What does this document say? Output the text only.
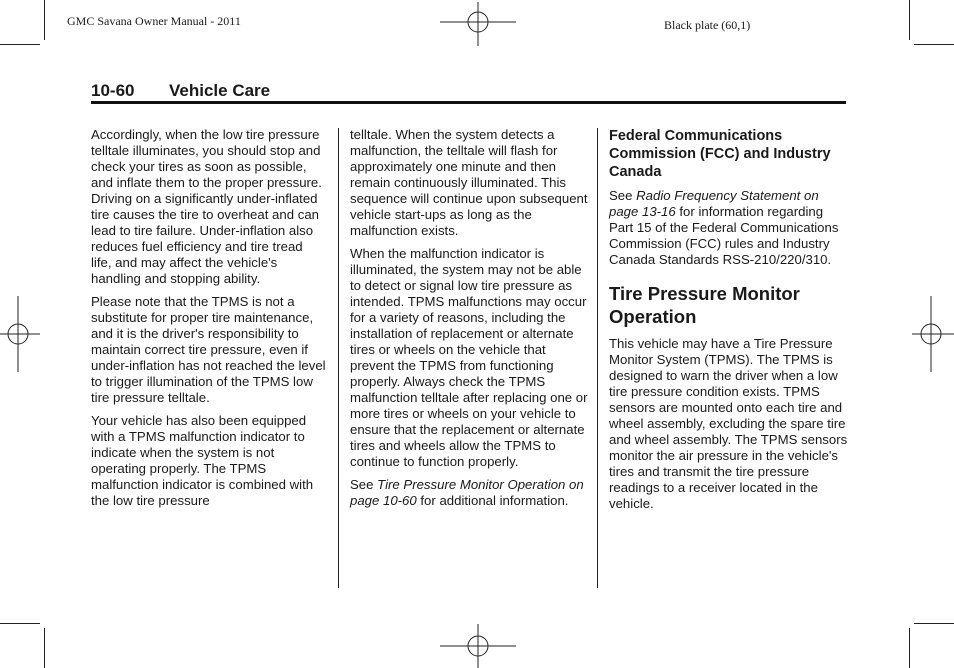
GMC Savana Owner Manual - 2011	Black plate (60,1)
10-60 Vehicle Care

Accordingly, when the low tire pressure telltale illuminates, you should stop and check your tires as soon as possible, and inflate them to the proper pressure. Driving on a significantly under-inflated tire causes the tire to overheat and can lead to tire failure. Under-inflation also reduces fuel efficiency and tire tread life, and may affect the vehicle's handling and stopping ability.

Please note that the TPMS is not a substitute for proper tire maintenance, and it is the driver's responsibility to maintain correct tire pressure, even if under-inflation has not reached the level to trigger illumination of the TPMS low tire pressure telltale.

Your vehicle has also been equipped with a TPMS malfunction indicator to indicate when the system is not operating properly. The TPMS malfunction indicator is combined with the low tire pressure

telltale. When the system detects a malfunction, the telltale will flash for approximately one minute and then remain continuously illuminated. This sequence will continue upon subsequent vehicle start-ups as long as the malfunction exists.

When the malfunction indicator is illuminated, the system may not be able to detect or signal low tire pressure as intended. TPMS malfunctions may occur for a variety of reasons, including the installation of replacement or alternate tires or wheels on the vehicle that prevent the TPMS from functioning properly. Always check the TPMS malfunction telltale after replacing one or more tires or wheels on your vehicle to ensure that the replacement or alternate tires and wheels allow the TPMS to continue to function properly.

See Tire Pressure Monitor Operation on page 10-60 for additional information.

Federal Communications Commission (FCC) and Industry Canada

See Radio Frequency Statement on page 13-16 for information regarding Part 15 of the Federal Communications Commission (FCC) rules and Industry Canada Standards RSS-210/220/310.

Tire Pressure Monitor Operation

This vehicle may have a Tire Pressure Monitor System (TPMS). The TPMS is designed to warn the driver when a low tire pressure condition exists. TPMS sensors are mounted onto each tire and wheel assembly, excluding the spare tire and wheel assembly. The TPMS sensors monitor the air pressure in the vehicle's tires and transmit the tire pressure readings to a receiver located in the vehicle.
